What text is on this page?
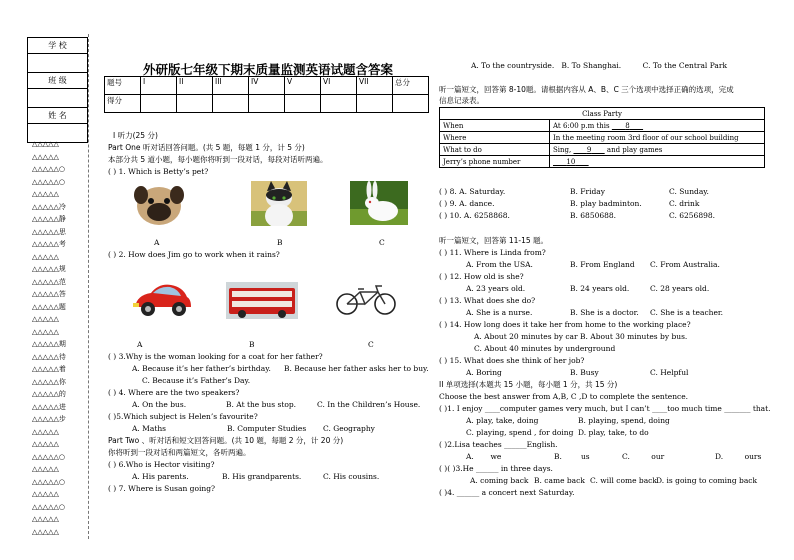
学 校

班 级

姓 名

△△△△△
△△△△△
△△△△△○
△△△△△○
△△△△△
△△△△△冷
△△△△△静
△△△△△思
△△△△△考
△△△△△
△△△△△规
△△△△△范
△△△△△答
△△△△△题
△△△△△
△△△△△
△△△△△期
△△△△△待
△△△△△着
△△△△△你
△△△△△的
△△△△△进
△△△△△步
△△△△△
△△△△△
△△△△△○
△△△△△
△△△△△○
△△△△△
△△△△△○
△△△△△
△△△△△
外研版七年级下期末质量监测英语试题含答案
题号	I	II	III	IV	V	VI	VII	总分
得分								
I 听力(25 分)
Part One 听对话回答问题。(共 5 题，每题 1 分，计 5 分)
本部分共 5 道小题，每小题你将听到一段对话，每段对话听两遍。
( ) 1. Which is Betty’s pet?
A	B	C
( ) 2. How does Jim go to work when it rains?
A	B	C
( ) 3.Why is the woman looking for a coat for her father?
A. Because it’s her father’s birthday. B. Because her father asks her to buy.
C. Because it’s Father’s Day.
( ) 4. Where are the two speakers?
A. On the bus.	B. At the bus stop.	C. In the Children’s House.
( )5.Which subject is Helen’s favourite?
A. Maths	B. Computer Studies C. Geography
Part Two 、听对话和短文回答问题。(共 10 题，每题 2 分，计 20 分)
你将听到一段对话和两篇短文，各听两遍。
( ) 6.Who is Hector visiting?
A. His parents.	B. His grandparents.	C. His cousins.
( ) 7. Where is Susan going?
A. To the countryside.   B. To Shanghai.         C. To the Central Park
听一篇短文，回答第 8-10题。请根据内容从 A、B、C 三个选项中选择正确的选项，完成
信息记录表。
Class Party	
When	At 6:00 p.m this       8
Where	In the meeting room 3rd floor of our school building
What to do	Sing,       9       and play games
Jerry’s phone number	10
( ) 8. A. Saturday.	B. Friday	C. Sunday.
( ) 9. A. dance.	B. play badminton.	C. drink
( ) 10. A. 6258868.	B. 6850688.	C. 6256898.
听一篇短文，回答第 11-15 题。
( ) 11. Where is Linda from?
A. From the USA.	B. From England C. From Australia.
( ) 12. How old is she?
A. 23 years old.	B. 24 years old.	C. 28 years old.
( ) 13. What does she do?
A. She is a nurse.	B. She is a doctor. C. She is a teacher.
( ) 14. How long does it take her from home to the working place?
A. About 20 minutes by car B. About 30 minutes by bus.
C. About 40 minutes by underground
( ) 15. What does she think of her job?
A. Boring	B. Busy	C. Helpful
II 单项选择(本题共 15 小题，每小题 1 分，共 15 分)
Choose the best answer from A,B, C ,D to complete the sentence.
( )1. I enjoy ____computer games very much, but I can’t ____too much time _______ that.
A. play, take, doing	B. playing, spend, doing
C. playing, spend , for doing D. play, take, to do
( )2.Lisa teaches ______English.
A.       we	B.        us	C.         our	D.         ours
( )( )3.He ______ in three days.
A. coming back B. came back C. will come back D. is going to coming back
( )4. ______ a concert next Saturday.
